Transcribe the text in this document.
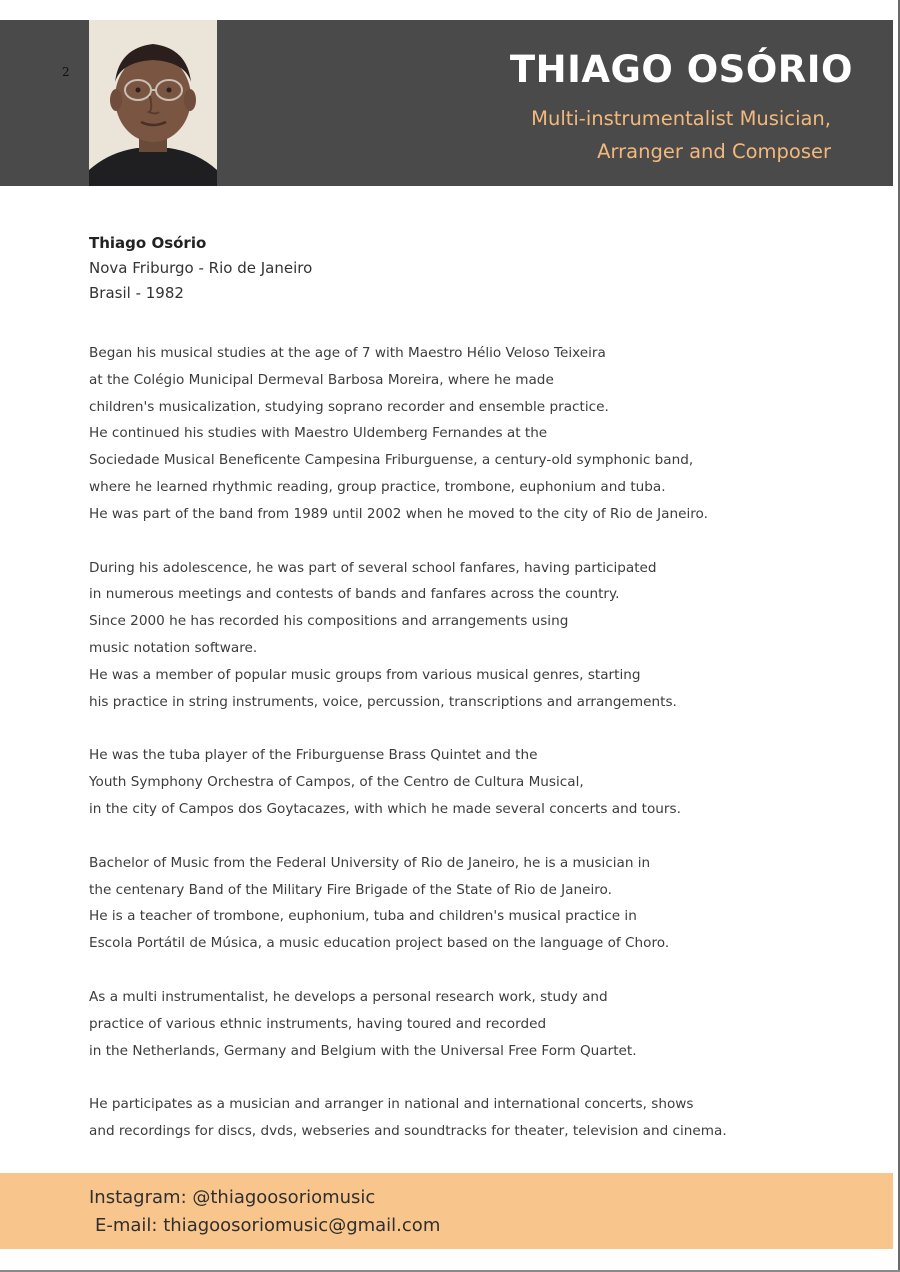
2	THIAGO OSÓRIO
Multi-instrumentalist Musician,
Arranger and Composer
Thiago Osório
Nova Friburgo - Rio de Janeiro
Brasil - 1982
Began his musical studies at the age of 7 with Maestro Hélio Veloso Teixeira
at the Colégio Municipal Dermeval Barbosa Moreira, where he made
children's musicalization, studying soprano recorder and ensemble practice.
He continued his studies with Maestro Uldemberg Fernandes at the
Sociedade Musical Beneficente Campesina Friburguense, a century-old symphonic band,
where he learned rhythmic reading, group practice, trombone, euphonium and tuba.
He was part of the band from 1989 until 2002 when he moved to the city of Rio de Janeiro.
During his adolescence, he was part of several school fanfares, having participated
in numerous meetings and contests of bands and fanfares across the country.
Since 2000 he has recorded his compositions and arrangements using
music notation software.
He was a member of popular music groups from various musical genres, starting
his practice in string instruments, voice, percussion, transcriptions and arrangements.
He was the tuba player of the Friburguense Brass Quintet and the
Youth Symphony Orchestra of Campos, of the Centro de Cultura Musical,
in the city of Campos dos Goytacazes, with which he made several concerts and tours.
Bachelor of Music from the Federal University of Rio de Janeiro, he is a musician in
the centenary Band of the Military Fire Brigade of the State of Rio de Janeiro.
He is a teacher of trombone, euphonium, tuba and children's musical practice in
Escola Portátil de Música, a music education project based on the language of Choro.
As a multi instrumentalist, he develops a personal research work, study and
practice of various ethnic instruments, having toured and recorded
in the Netherlands, Germany and Belgium with the Universal Free Form Quartet.
He participates as a musician and arranger in national and international concerts, shows
and recordings for discs, dvds, webseries and soundtracks for theater, television and cinema.
Instagram: @thiagoosoriomusic
E-mail: thiagoosoriomusic@gmail.com
